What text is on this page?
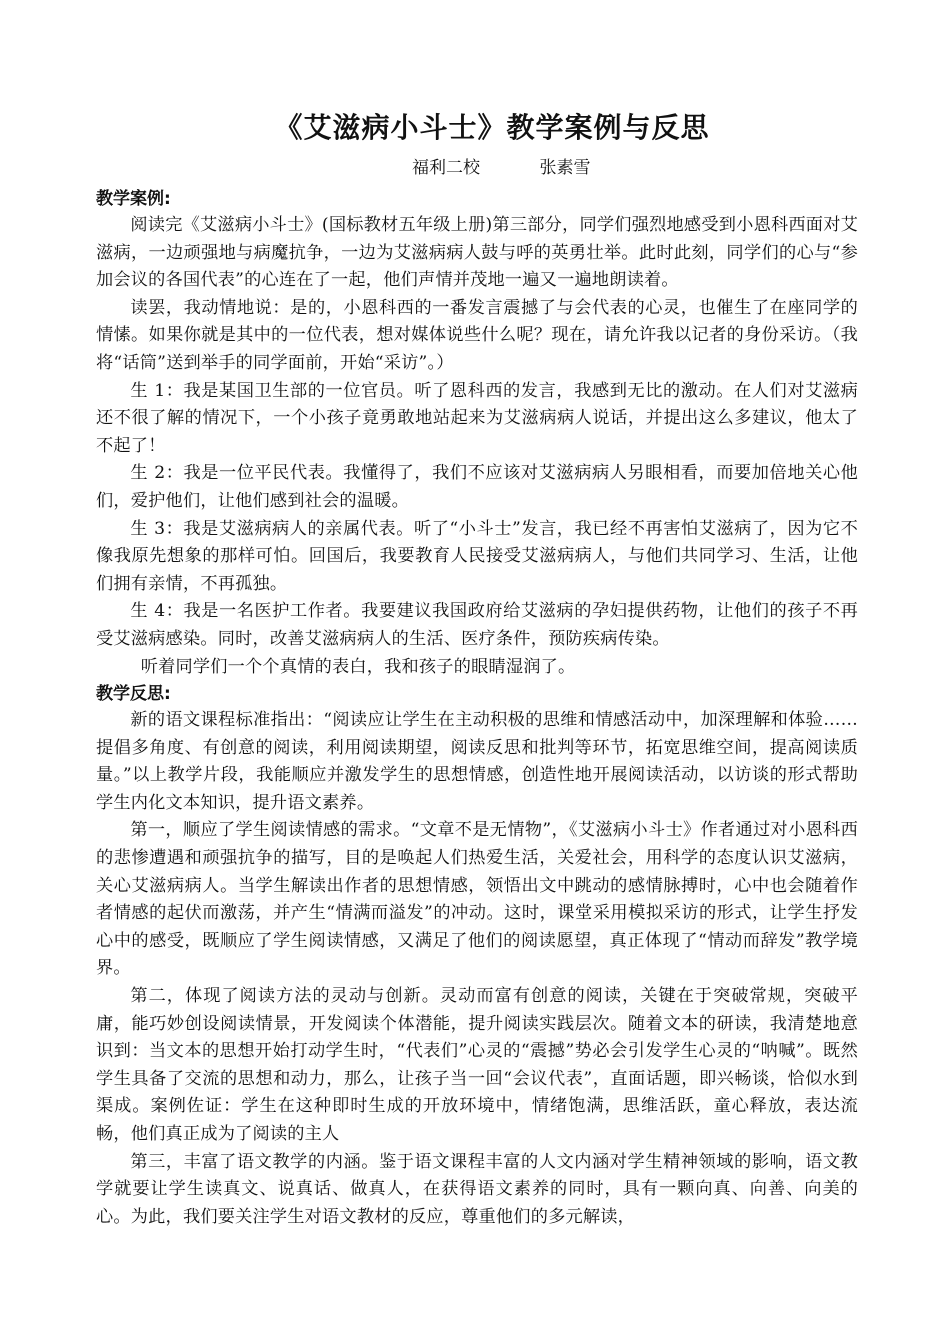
《艾滋病小斗士》教学案例与反思
福利二校	张素雪
教学案例:

阅读完《艾滋病小斗士》(国标教材五年级上册)第三部分，同学们强烈地感受到小恩科西面对艾滋病，一边顽强地与病魔抗争，一边为艾滋病病人鼓与呼的英勇壮举。此时此刻，同学们的心与“参加会议的各国代表”的心连在了一起，他们声情并茂地一遍又一遍地朗读着。

读罢，我动情地说：是的，小恩科西的一番发言震撼了与会代表的心灵，也催生了在座同学的情愫。如果你就是其中的一位代表，想对媒体说些什么呢？现在，请允许我以记者的身份采访。（我将“话筒”送到举手的同学面前，开始“采访”。）

生 1：我是某国卫生部的一位官员。听了恩科西的发言，我感到无比的激动。在人们对艾滋病还不很了解的情况下，一个小孩子竟勇敢地站起来为艾滋病病人说话，并提出这么多建议，他太了不起了！

生 2：我是一位平民代表。我懂得了，我们不应该对艾滋病病人另眼相看，而要加倍地关心他们，爱护他们，让他们感到社会的温暖。

生 3：我是艾滋病病人的亲属代表。听了“小斗士”发言，我已经不再害怕艾滋病了，因为它不像我原先想象的那样可怕。回国后，我要教育人民接受艾滋病病人，与他们共同学习、生活，让他们拥有亲情，不再孤独。

生 4：我是一名医护工作者。我要建议我国政府给艾滋病的孕妇提供药物，让他们的孩子不再受艾滋病感染。同时，改善艾滋病病人的生活、医疗条件，预防疾病传染。

听着同学们一个个真情的表白，我和孩子的眼睛湿润了。

教学反思:

新的语文课程标准指出：“阅读应让学生在主动积极的思维和情感活动中，加深理解和体验……提倡多角度、有创意的阅读，利用阅读期望，阅读反思和批判等环节，拓宽思维空间，提高阅读质量。”以上教学片段，我能顺应并激发学生的思想情感，创造性地开展阅读活动，以访谈的形式帮助学生内化文本知识，提升语文素养。

第一，顺应了学生阅读情感的需求。“文章不是无情物”，《艾滋病小斗士》作者通过对小恩科西的悲惨遭遇和顽强抗争的描写，目的是唤起人们热爱生活，关爱社会，用科学的态度认识艾滋病，关心艾滋病病人。当学生解读出作者的思想情感，领悟出文中跳动的感情脉搏时，心中也会随着作者情感的起伏而激荡，并产生“情满而溢发”的冲动。这时，课堂采用模拟采访的形式，让学生抒发心中的感受，既顺应了学生阅读情感，又满足了他们的阅读愿望，真正体现了“情动而辞发”教学境界。

第二，体现了阅读方法的灵动与创新。灵动而富有创意的阅读，关键在于突破常规，突破平庸，能巧妙创设阅读情景，开发阅读个体潜能，提升阅读实践层次。随着文本的研读，我清楚地意识到：当文本的思想开始打动学生时，“代表们”心灵的“震撼”势必会引发学生心灵的“呐喊”。既然学生具备了交流的思想和动力，那么，让孩子当一回“会议代表”，直面话题，即兴畅谈，恰似水到渠成。案例佐证：学生在这种即时生成的开放环境中，情绪饱满，思维活跃，童心释放，表达流畅，他们真正成为了阅读的主人

第三，丰富了语文教学的内涵。鉴于语文课程丰富的人文内涵对学生精神领域的影响，语文教学就要让学生读真文、说真话、做真人，在获得语文素养的同时，具有一颗向真、向善、向美的心。为此，我们要关注学生对语文教材的反应，尊重他们的多元解读，
